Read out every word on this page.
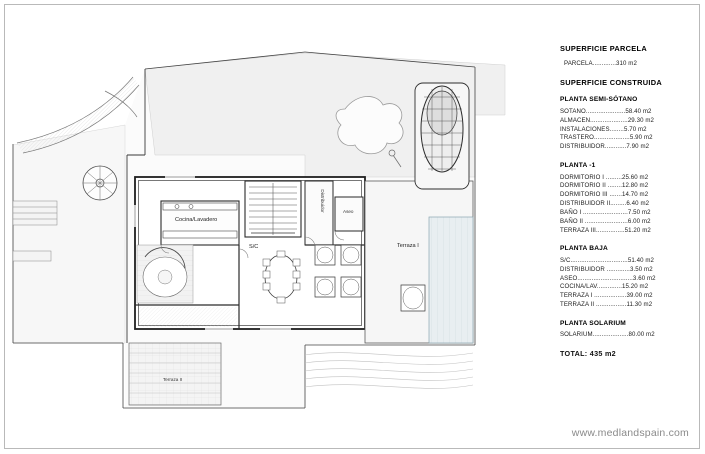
Cocina/Lavadero
S/C
Distribuidor	Aseo
Terraza I
Terraza II
SUPERFICIE PARCELA
PARCELA.............310 m2
SUPERFICIE CONSTRUIDA
PLANTA SEMI-SÓTANO
SOTANO......................58.40 m2
ALMACEN.....................29.30 m2
INSTALACIONES........5.70 m2
TRASTERO....................5.90 m2
DISTRIBUIDOR............7.90 m2
PLANTA -1
DORMITORIO I .........25.60 m2
DORMITORIO II ........12.80 m2
DORMITORIO III .......14.70 m2
DISTRIBUIDOR II.........6.40 m2
BAÑO I .........................7.50 m2
BAÑO II ........................6.00 m2
TERRAZA III................51.20 m2
PLANTA BAJA
S/C................................51.40 m2
DISTRIBUIDOR .............3.50 m2
ASEO...............................3.60 m2
COCINA/LAV..............15.20 m2
TERRAZA I ..................39.00 m2
TERRAZA II .................11.30 m2
PLANTA SOLARIUM
SOLARIUM....................80.00 m2
TOTAL: 435 m2
www.medlandspain.com
